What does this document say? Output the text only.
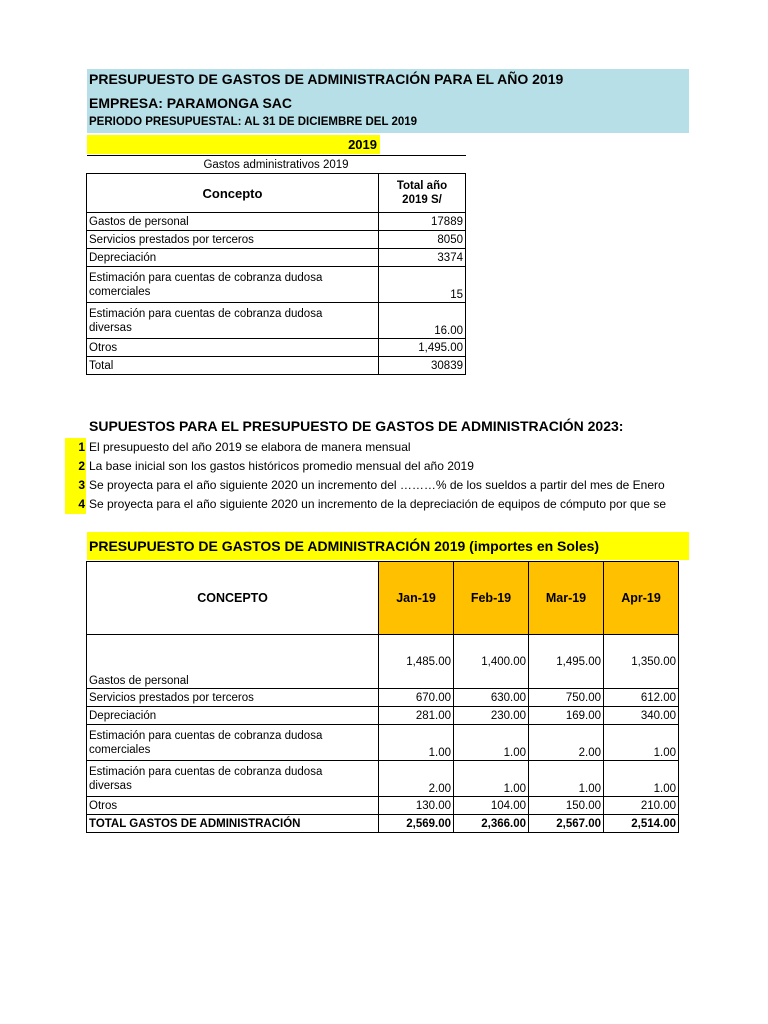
PRESUPUESTO DE GASTOS DE ADMINISTRACIÓN PARA EL AÑO 2019
EMPRESA: PARAMONGA SAC
PERIODO PRESUPUESTAL: AL 31 DE DICIEMBRE DEL 2019
2019
Gastos administrativos 2019	
Concepto	Total año
2019 S/
Gastos de personal	17889
Servicios prestados por terceros	8050
Depreciación	3374
Estimación para cuentas de cobranza dudosa
comerciales	15
Estimación para cuentas de cobranza dudosa
diversas	16.00
Otros	1,495.00
Total	30839
SUPUESTOS PARA EL PRESUPUESTO DE GASTOS DE ADMINISTRACIÓN 2023:
1 El presupuesto del año 2019 se elabora de manera mensual
2 La base inicial son los gastos históricos promedio mensual del año 2019
3 Se proyecta para el año siguiente 2020 un incremento del ………% de los sueldos a partir del mes de Enero
4 Se proyecta para el año siguiente 2020 un incremento de la depreciación de equipos de cómputo por que se
PRESUPUESTO DE GASTOS DE ADMINISTRACIÓN 2019 (importes en Soles)
CONCEPTO	Jan-19	Feb-19	Mar-19	Apr-19
Gastos de personal	1,485.00	1,400.00	1,495.00	1,350.00
Servicios prestados por terceros	670.00	630.00	750.00	612.00
Depreciación	281.00	230.00	169.00	340.00
Estimación para cuentas de cobranza dudosa
comerciales	1.00	1.00	2.00	1.00
Estimación para cuentas de cobranza dudosa
diversas	2.00	1.00	1.00	1.00
Otros	130.00	104.00	150.00	210.00
TOTAL GASTOS DE ADMINISTRACIÓN	2,569.00	2,366.00	2,567.00	2,514.00
